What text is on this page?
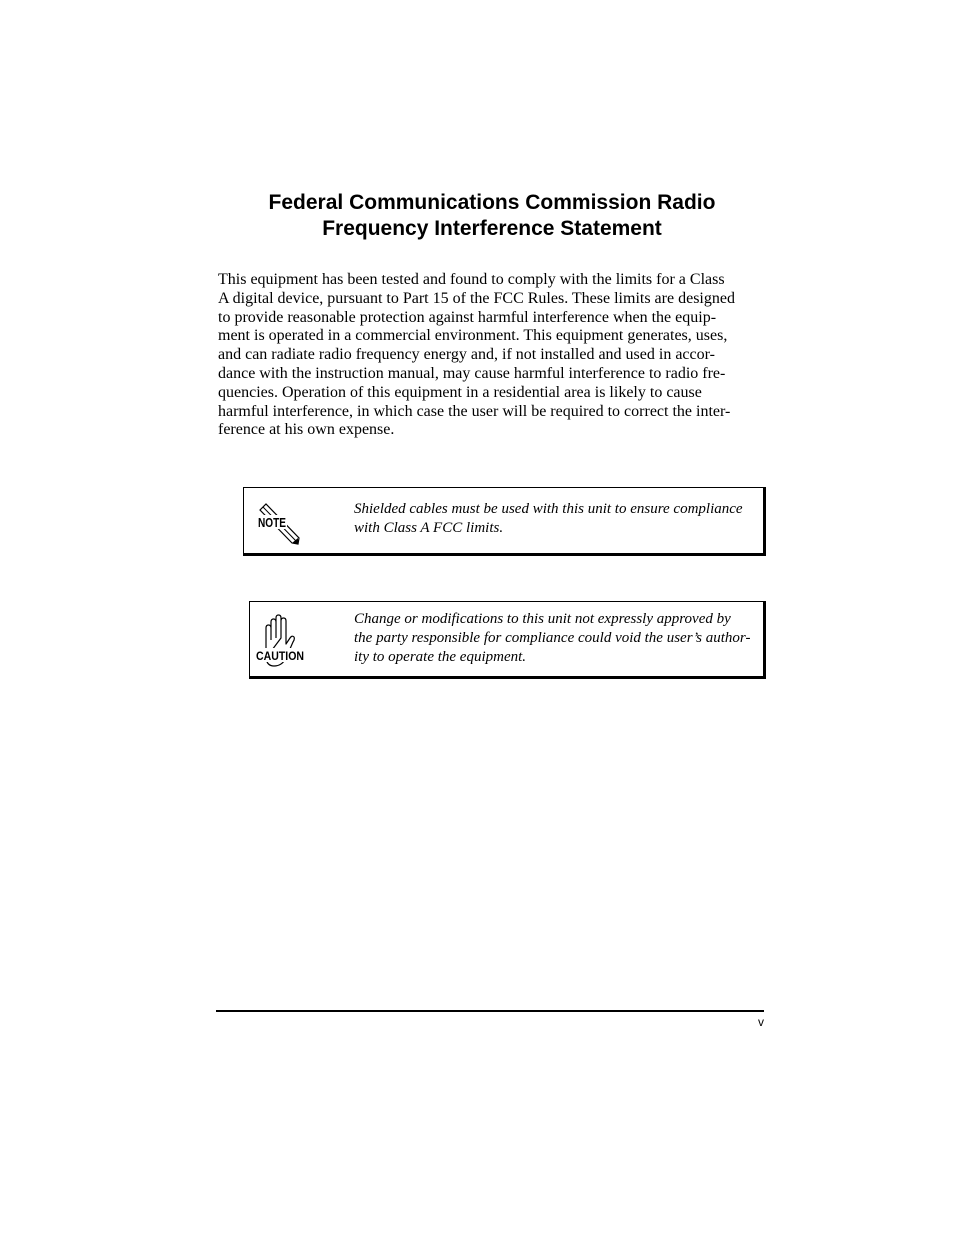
Federal Communications Commission Radio
Frequency Interference Statement

This equipment has been tested and found to comply with the limits for a Class
A digital device, pursuant to Part 15 of the FCC Rules. These limits are designed
to provide reasonable protection against harmful interference when the equip-
ment is operated in a commercial environment. This equipment generates, uses,
and can radiate radio frequency energy and, if not installed and used in accor-
dance with the instruction manual, may cause harmful interference to radio fre-
quencies. Operation of this equipment in a residential area is likely to cause
harmful interference, in which case the user will be required to correct the inter-
ference at his own expense.

NOTE

Shielded cables must be used with this unit to ensure compliance
with Class A FCC limits.

CAUTION

Change or modifications to this unit not expressly approved by
the party responsible for compliance could void the user’s author-
ity to operate the equipment.

v
